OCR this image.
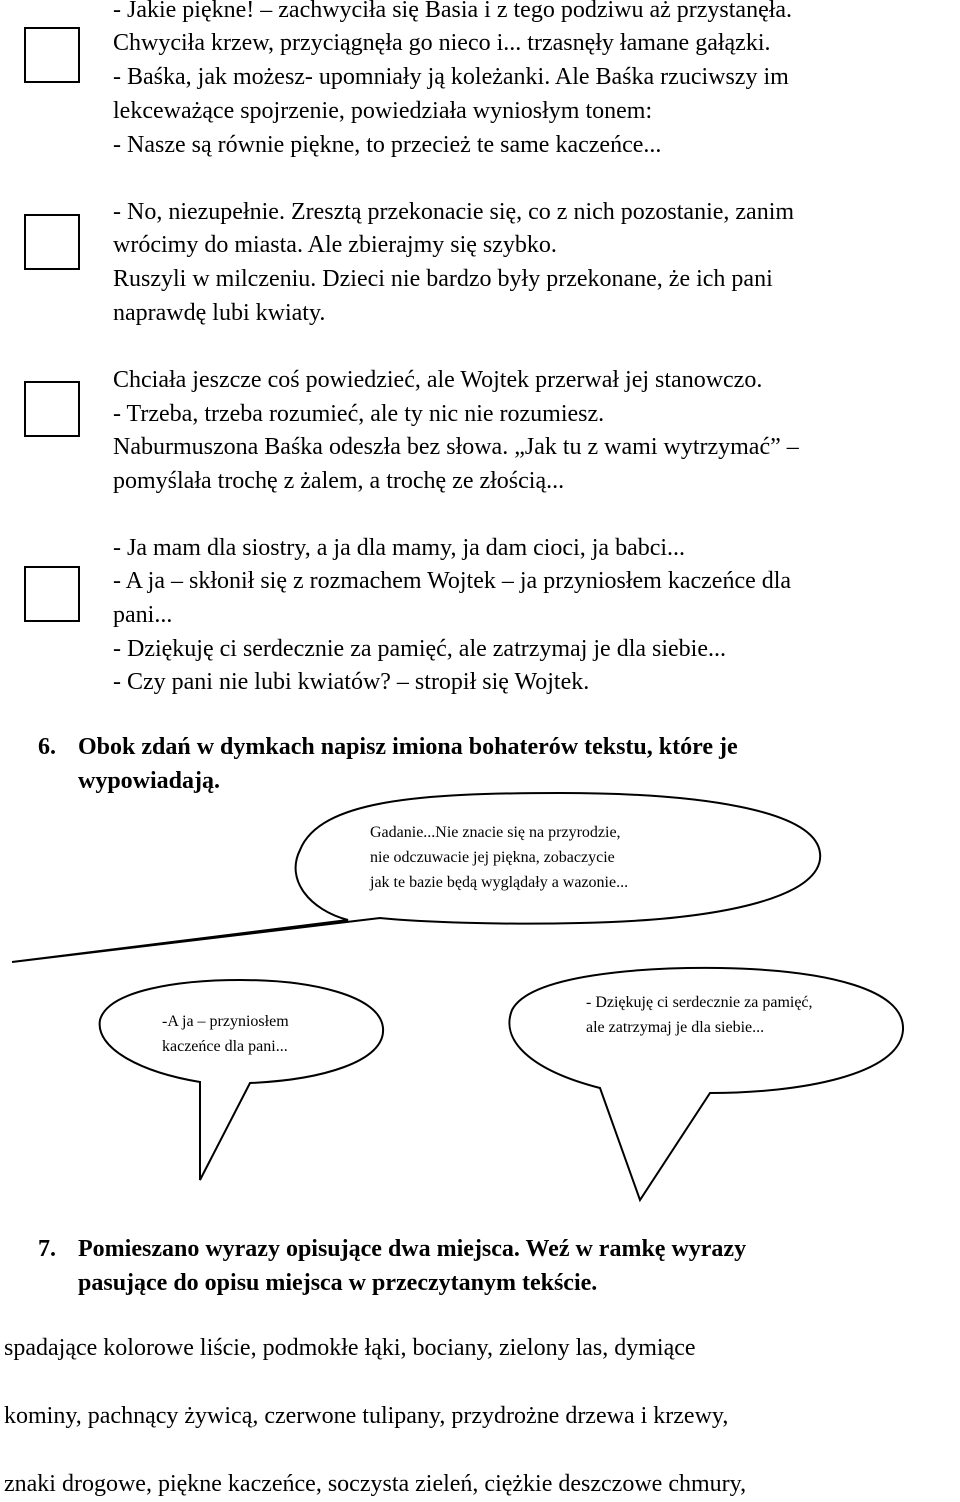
- Jakie piękne! – zachwyciła się Basia i z tego podziwu aż przystanęła.
Chwyciła krzew, przyciągnęła go nieco i... trzasnęły łamane gałązki.
- Baśka, jak możesz- upomniały ją koleżanki. Ale Baśka rzuciwszy im
lekceważące spojrzenie, powiedziała wyniosłym tonem:
- Nasze są równie piękne, to przecież te same kaczeńce...
- No, niezupełnie. Zresztą przekonacie się, co z nich pozostanie, zanim
wrócimy do miasta. Ale zbierajmy się szybko.
Ruszyli w milczeniu. Dzieci nie bardzo były przekonane, że ich pani
naprawdę lubi kwiaty.
Chciała jeszcze coś powiedzieć, ale Wojtek przerwał jej stanowczo.
- Trzeba, trzeba rozumieć, ale ty nic nie rozumiesz.
Naburmuszona Baśka odeszła bez słowa. „Jak tu z wami wytrzymać” –
pomyślała trochę z żalem, a trochę ze złością...
- Ja mam dla siostry, a ja dla mamy, ja dam cioci, ja babci...
- A ja – skłonił się z rozmachem Wojtek – ja przyniosłem kaczeńce dla
pani...
- Dziękuję ci serdecznie za pamięć, ale zatrzymaj je dla siebie...
- Czy pani nie lubi kwiatów? – stropił się Wojtek.
6. Obok zdań w dymkach napisz imiona bohaterów tekstu, które je
wypowiadają.
Gadanie...Nie znacie się na przyrodzie,
nie odczuwacie jej piękna, zobaczycie
jak te bazie będą wyglądały a wazonie...
-A ja – przyniosłem
kaczeńce dla pani...
- Dziękuję ci serdecznie za pamięć,
ale zatrzymaj je dla siebie...
7. Pomieszano wyrazy opisujące dwa miejsca. Weź w ramkę wyrazy
pasujące do opisu miejsca w przeczytanym tekście.
spadające kolorowe liście, podmokłe łąki, bociany, zielony las, dymiące
kominy, pachnący żywicą, czerwone tulipany, przydrożne drzewa i krzewy,
znaki drogowe, piękne kaczeńce, soczysta zieleń, ciężkie deszczowe chmury,
